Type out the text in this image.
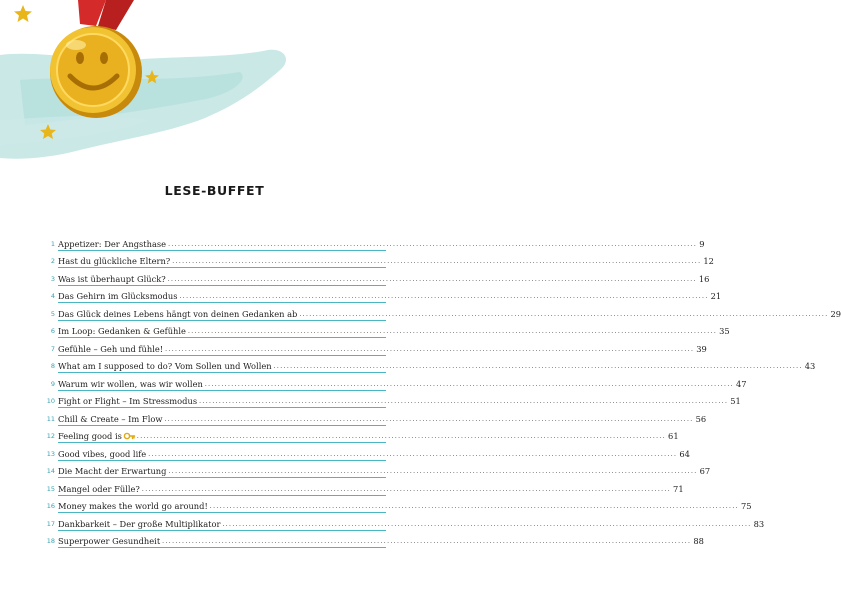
LESE-BUFFET
1 Appetizer: Der Angsthase ................................................................................................................................................................ 9
2 Hast du glückliche Eltern? ................................................................................................................................................................ 12
3 Was ist überhaupt Glück? ................................................................................................................................................................ 16
4 Das Gehirn im Glücksmodus ................................................................................................................................................................ 21
5 Das Glück deines Lebens hängt von deinen Gedanken ab ................................................................................................................................................................ 29
6 Im Loop: Gedanken & Gefühle ................................................................................................................................................................ 35
7 Gefühle – Geh und fühle! ................................................................................................................................................................ 39
8 What am I supposed to do? Vom Sollen und Wollen ................................................................................................................................................................ 43
9 Warum wir wollen, was wir wollen ................................................................................................................................................................ 47
10 Fight or Flight – Im Stressmodus ................................................................................................................................................................ 51
11 Chill & Create – Im Flow ................................................................................................................................................................ 56
12 Feeling good is	................................................................................................................................................................ 61
13 Good vibes, good life ................................................................................................................................................................ 64
14 Die Macht der Erwartung ................................................................................................................................................................ 67
15 Mangel oder Fülle? ................................................................................................................................................................ 71
16 Money makes the world go around! ................................................................................................................................................................ 75
17 Dankbarkeit – Der große Multiplikator ................................................................................................................................................................ 83
18 Superpower Gesundheit ................................................................................................................................................................ 88
